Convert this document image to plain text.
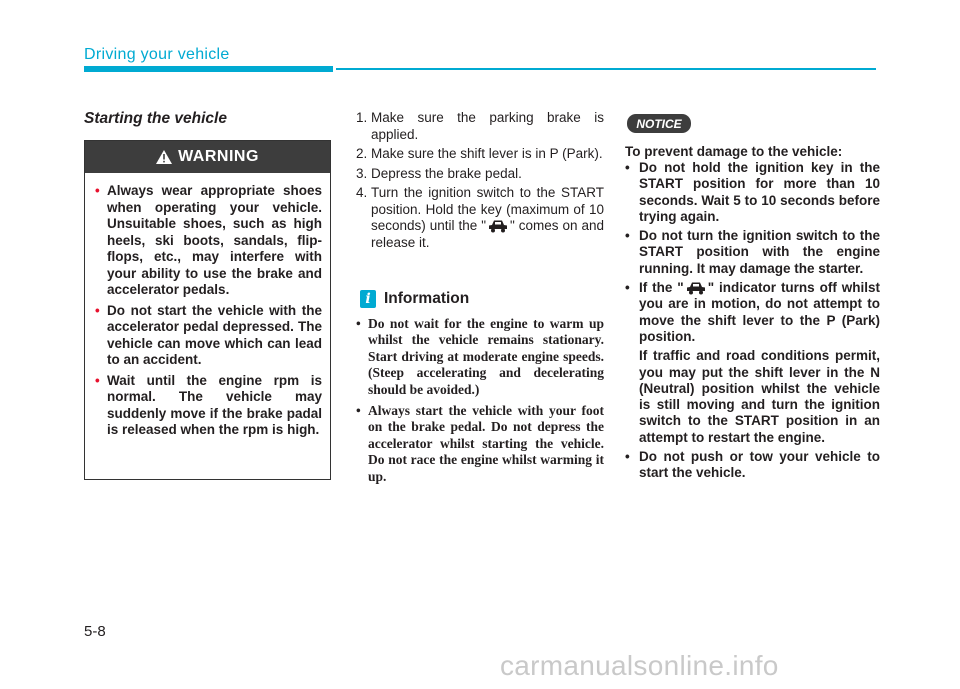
Driving your vehicle
Starting the vehicle
WARNING
• Always wear appropriate shoes when operating your vehicle. Unsuitable shoes, such as high heels, ski boots, sandals, flip-flops, etc., may interfere with your ability to use the brake and accelerator pedals.
• Do not start the vehicle with the accelerator pedal depressed. The vehicle can move which can lead to an accident.
• Wait until the engine rpm is normal. The vehicle may suddenly move if the brake padal is released when the rpm is high.
1. Make sure the parking brake is applied.
2. Make sure the shift lever is in P (Park).
3. Depress the brake pedal.
4. Turn the ignition switch to the START position. Hold the key (maximum of 10 seconds) until the " " comes on and release it.
i Information
• Do not wait for the engine to warm up whilst the vehicle remains stationary. Start driving at moderate engine speeds. (Steep accelerating and decelerating should be avoided.)
• Always start the vehicle with your foot on the brake pedal. Do not depress the accelerator whilst starting the vehicle. Do not race the engine whilst warming it up.
NOTICE
To prevent damage to the vehicle:
• Do not hold the ignition key in the START position for more than 10 seconds. Wait 5 to 10 seconds before trying again.
• Do not turn the ignition switch to the START position with the engine running. It may damage the starter.
• If the " " indicator turns off whilst you are in motion, do not attempt to move the shift lever to the P (Park) position.
If traffic and road conditions permit, you may put the shift lever in the N (Neutral) position whilst the vehicle is still moving and turn the ignition switch to the START position in an attempt to restart the engine.
• Do not push or tow your vehicle to start the vehicle.
5-8
carmanualsonline.info
